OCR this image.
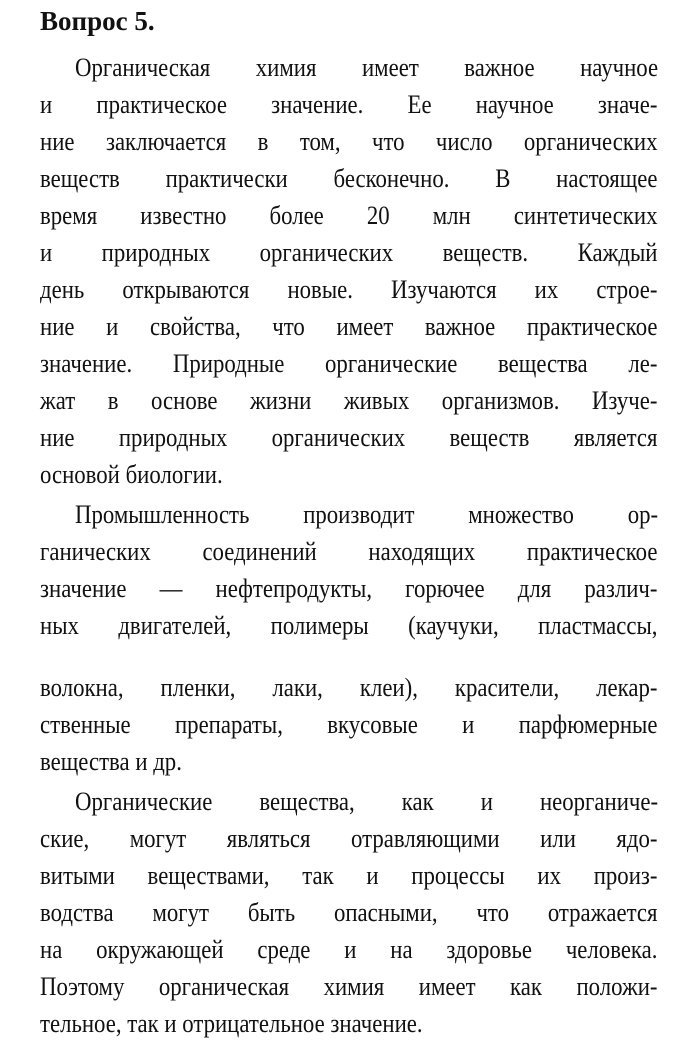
Вопрос 5.
Органическая химия имеет важное научное
и практическое значение. Ее научное значе-
ние заключается в том, что число органических
веществ практически бесконечно. В настоящее
время известно более 20 млн синтетических
и природных органических веществ. Каждый
день открываются новые. Изучаются их строе-
ние и свойства, что имеет важное практическое
значение. Природные органические вещества ле-
жат в основе жизни живых организмов. Изуче-
ние природных органических веществ является
основой биологии.
Промышленность производит множество ор-
ганических соединений находящих практическое
значение — нефтепродукты, горючее для различ-
ных двигателей, полимеры (каучуки, пластмассы,
волокна, пленки, лаки, клеи), красители, лекар-
ственные препараты, вкусовые и парфюмерные
вещества и др.
Органические вещества, как и неорганиче-
ские, могут являться отравляющими или ядо-
витыми веществами, так и процессы их произ-
водства могут быть опасными, что отражается
на окружающей среде и на здоровье человека.
Поэтому органическая химия имеет как положи-
тельное, так и отрицательное значение.
